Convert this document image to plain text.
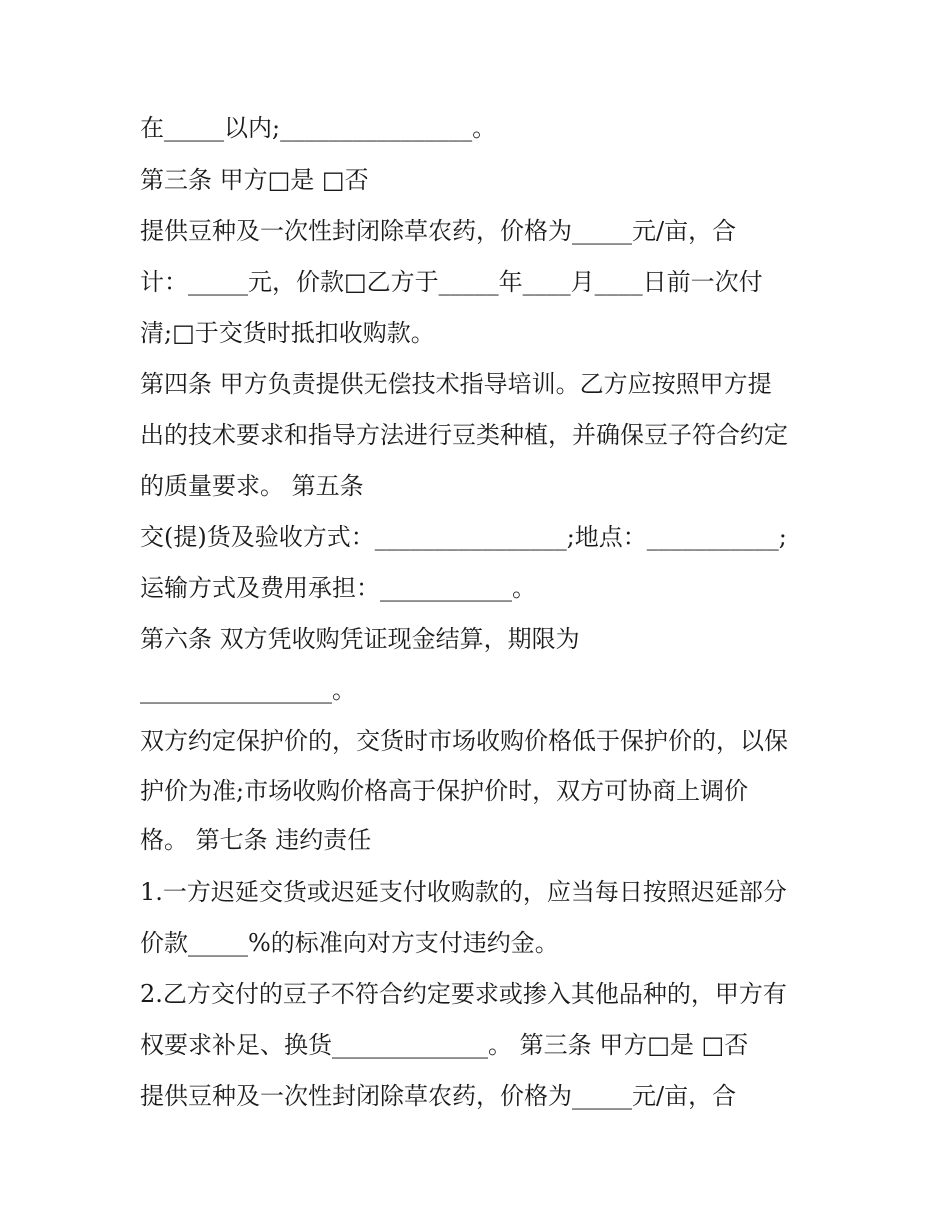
在_____以内;________________。
第三条 甲方□是 □否
提供豆种及一次性封闭除草农药，价格为_____元/亩，合
计：_____元，价款□乙方于_____年____月____日前一次付
清;□于交货时抵扣收购款。
第四条 甲方负责提供无偿技术指导培训。乙方应按照甲方提
出的技术要求和指导方法进行豆类种植，并确保豆子符合约定
的质量要求。 第五条
交(提)货及验收方式：________________;地点：___________;
运输方式及费用承担：___________。
第六条 双方凭收购凭证现金结算，期限为
________________。
双方约定保护价的，交货时市场收购价格低于保护价的，以保
护价为准;市场收购价格高于保护价时，双方可协商上调价
格。 第七条 违约责任
1.一方迟延交货或迟延支付收购款的，应当每日按照迟延部分
价款_____%的标准向对方支付违约金。
2.乙方交付的豆子不符合约定要求或掺入其他品种的，甲方有
权要求补足、换货_____________。 第三条 甲方□是 □否
提供豆种及一次性封闭除草农药，价格为_____元/亩，合
